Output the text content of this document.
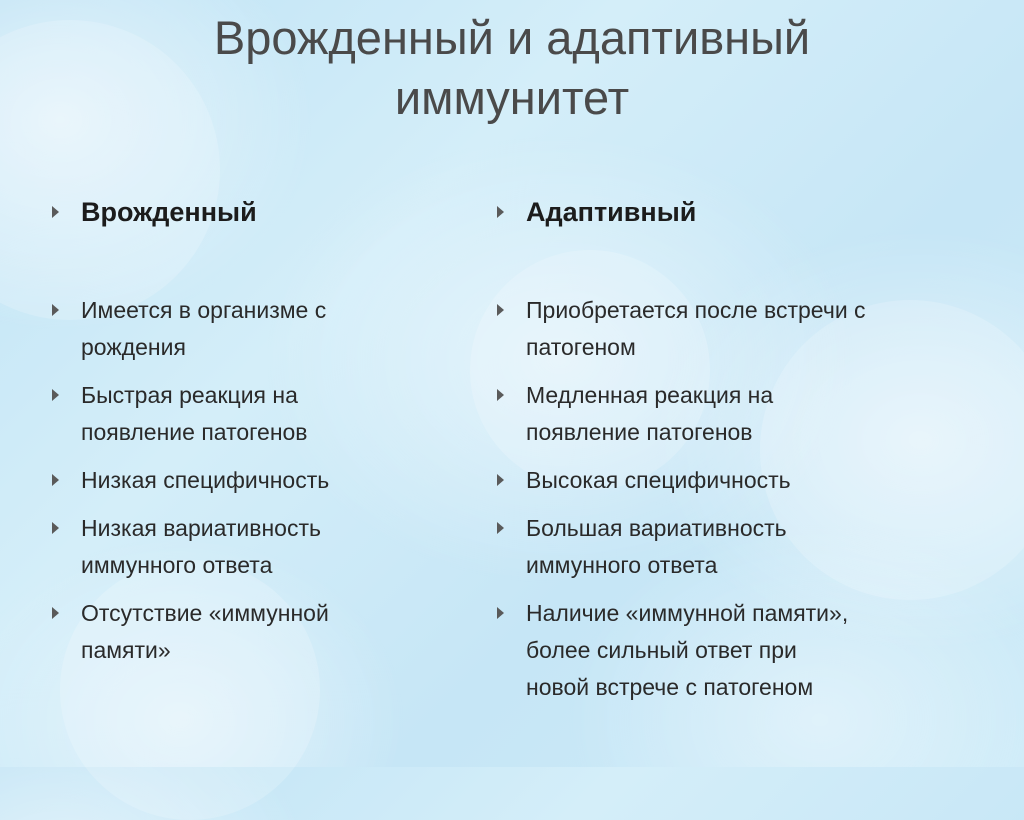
Врожденный и адаптивный
иммунитет
Врожденный
Имеется в организме с
рождения
Быстрая реакция на
появление патогенов
Низкая специфичность
Низкая вариативность
иммунного ответа
Отсутствие «иммунной
памяти»
Адаптивный
Приобретается после встречи с
патогеном
Медленная реакция на
появление патогенов
Высокая специфичность
Большая вариативность
иммунного ответа
Наличие «иммунной памяти»,
более сильный ответ при
новой встрече с патогеном
